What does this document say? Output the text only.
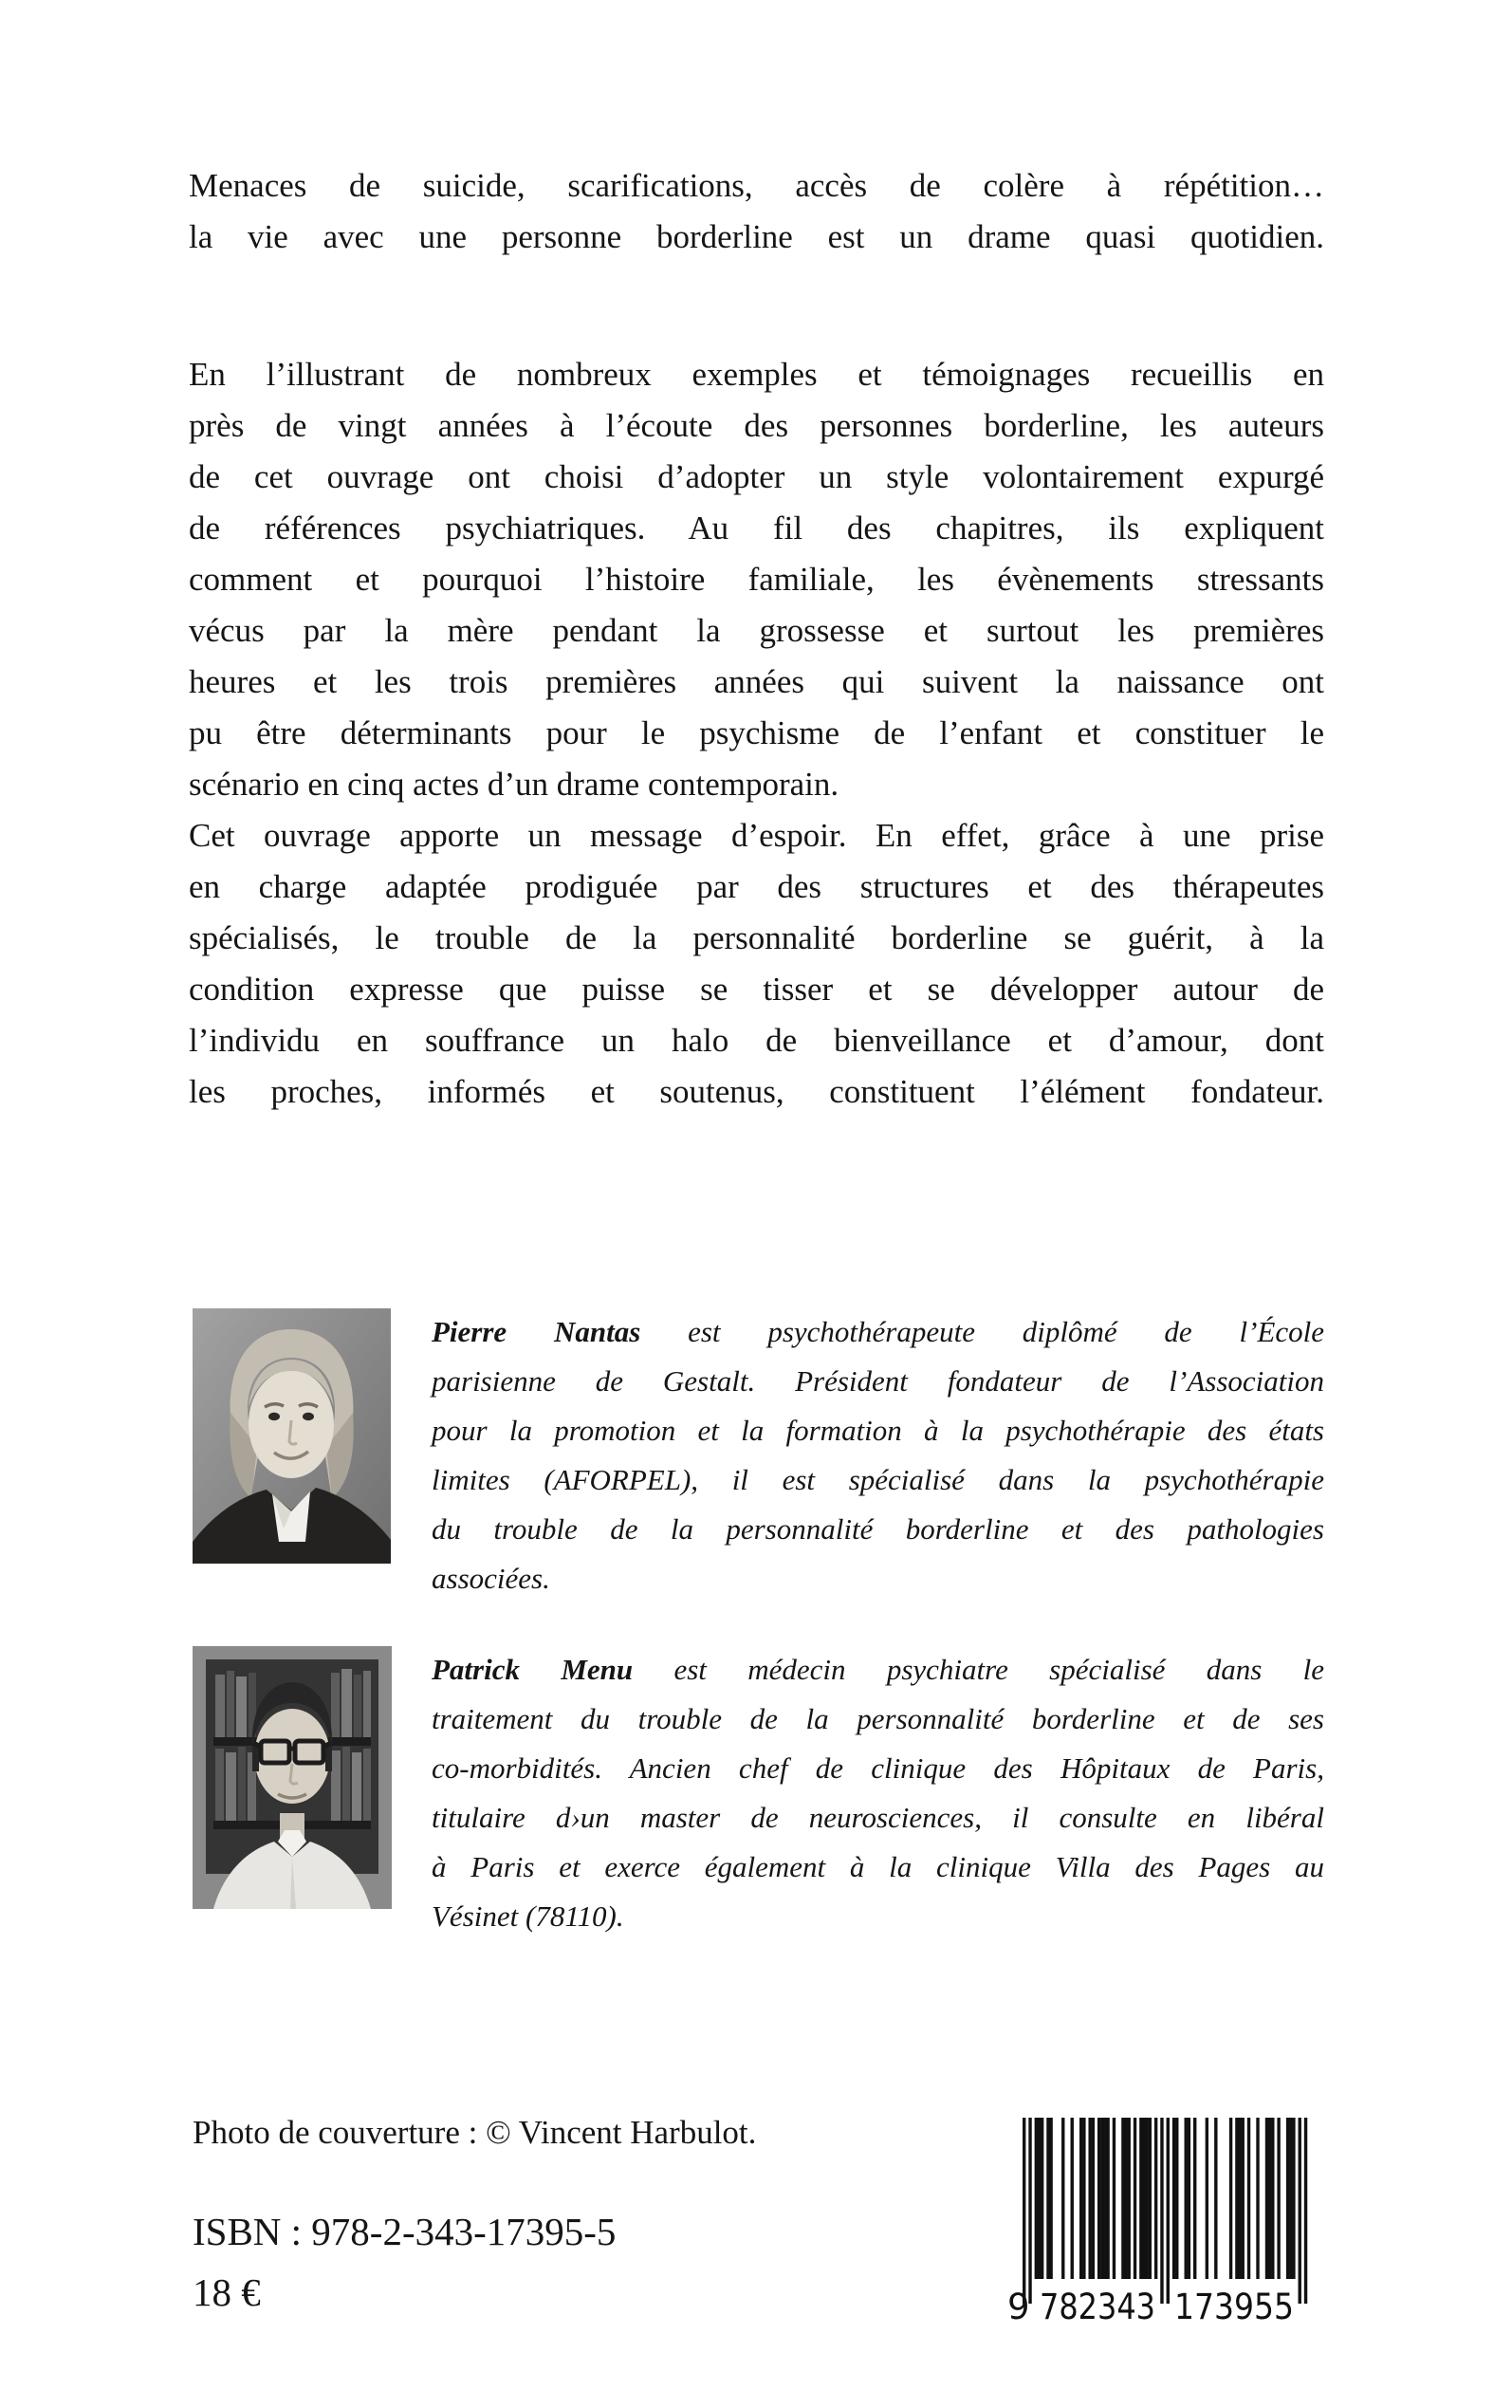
Menaces de suicide, scarifications, accès de colère à répétition…
la vie avec une personne borderline est un drame quasi quotidien.
En l’illustrant de nombreux exemples et témoignages recueillis en
près de vingt années à l’écoute des personnes borderline, les auteurs
de cet ouvrage ont choisi d’adopter un style volontairement expurgé
de références psychiatriques. Au fil des chapitres, ils expliquent
comment et pourquoi l’histoire familiale, les évènements stressants
vécus par la mère pendant la grossesse et surtout les premières
heures et les trois premières années qui suivent la naissance ont
pu être déterminants pour le psychisme de l’enfant et constituer le
scénario en cinq actes d’un drame contemporain.
Cet ouvrage apporte un message d’espoir. En effet, grâce à une prise
en charge adaptée prodiguée par des structures et des thérapeutes
spécialisés, le trouble de la personnalité borderline se guérit, à la
condition expresse que puisse se tisser et se développer autour de
l’individu en souffrance un halo de bienveillance et d’amour, dont
les proches, informés et soutenus, constituent l’élément fondateur.
Pierre Nantas est psychothérapeute diplômé de l’École
parisienne de Gestalt. Président fondateur de l’Association
pour la promotion et la formation à la psychothérapie des états
limites (AFORPEL), il est spécialisé dans la psychothérapie
du trouble de la personnalité borderline et des pathologies
associées.
Patrick Menu est médecin psychiatre spécialisé dans le
traitement du trouble de la personnalité borderline et de ses
co-morbidités. Ancien chef de clinique des Hôpitaux de Paris,
titulaire d›un master de neurosciences, il consulte en libéral
à Paris et exerce également à la clinique Villa des Pages au
Vésinet (78110).
Photo de couverture : © Vincent Harbulot.
ISBN : 978-2-343-17395-5
18 €	9 782343 173955
